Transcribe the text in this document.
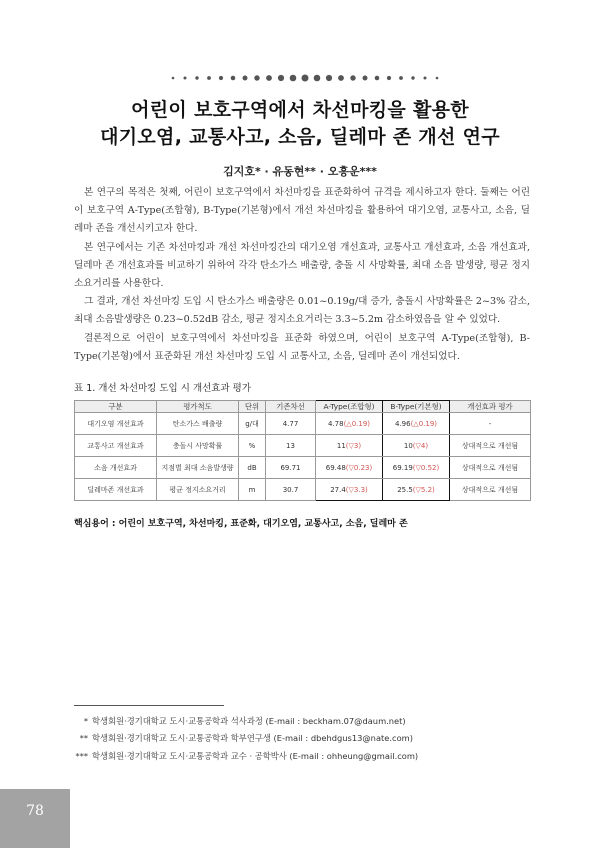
어린이 보호구역에서 차선마킹을 활용한
대기오염, 교통사고, 소음, 딜레마 존 개선 연구
김지호* · 유동현** · 오흥운***

본 연구의 목적은 첫째, 어린이 보호구역에서 차선마킹을 표준화하여 규격을 제시하고자 한다. 둘째는 어린이 보호구역 A-Type(조합형), B-Type(기본형)에서 개선 차선마킹을 활용하여 대기오염, 교통사고, 소음, 딜레마 존을 개선시키고자 한다.

본 연구에서는 기존 차선마킹과 개선 차선마킹간의 대기오염 개선효과, 교통사고 개선효과, 소음 개선효과, 딜레마 존 개선효과를 비교하기 위하여 각각 탄소가스 배출량, 충돌 시 사망확률, 최대 소음 발생량, 평균 정지소요거리를 사용한다.

그 결과, 개선 차선마킹 도입 시 탄소가스 배출량은 0.01~0.19g/대 증가, 충돌시 사망확률은 2~3% 감소, 최대 소음발생량은 0.23~0.52dB 감소, 평균 정지소요거리는 3.3~5.2m 감소하였음을 알 수 있었다.

결론적으로 어린이 보호구역에서 차선마킹을 표준화 하였으며, 어린이 보호구역 A-Type(조합형), B-Type(기본형)에서 표준화된 개선 차선마킹 도입 시 교통사고, 소음, 딜레마 존이 개선되었다.

표 1. 개선 차선마킹 도입 시 개선효과 평가
구분	평가척도	단위	기존차선	A-Type(조합형)	B-Type(기본형)	개선효과 평가
대기오염 개선효과	탄소가스 배출량	g/대	4.77	4.78(△0.19)	4.96(△0.19)	-
교통사고 개선효과	충돌시 사망확률	%	13	11(▽3)	10(▽4)	상대적으로 개선됨
소음 개선효과	지점별 최대 소음발생량	dB	69.71	69.48(▽0.23)	69.19(▽0.52)	상대적으로 개선됨
딜레마존 개선효과	평균 정지소요거리	m	30.7	27.4(▽3.3)	25.5(▽5.2)	상대적으로 개선됨
핵심용어 : 어린이 보호구역, 차선마킹, 표준화, 대기오염, 교통사고, 소음, 딜레마 존
* 학생회원·경기대학교 도시·교통공학과 석사과정 (E-mail : beckham.07@daum.net)
** 학생회원·경기대학교 도시·교통공학과 학부연구생 (E-mail : dbehdgus13@nate.com)
*** 학생회원·경기대학교 도시·교통공학과 교수 · 공학박사 (E-mail : ohheung@gmail.com)
78
